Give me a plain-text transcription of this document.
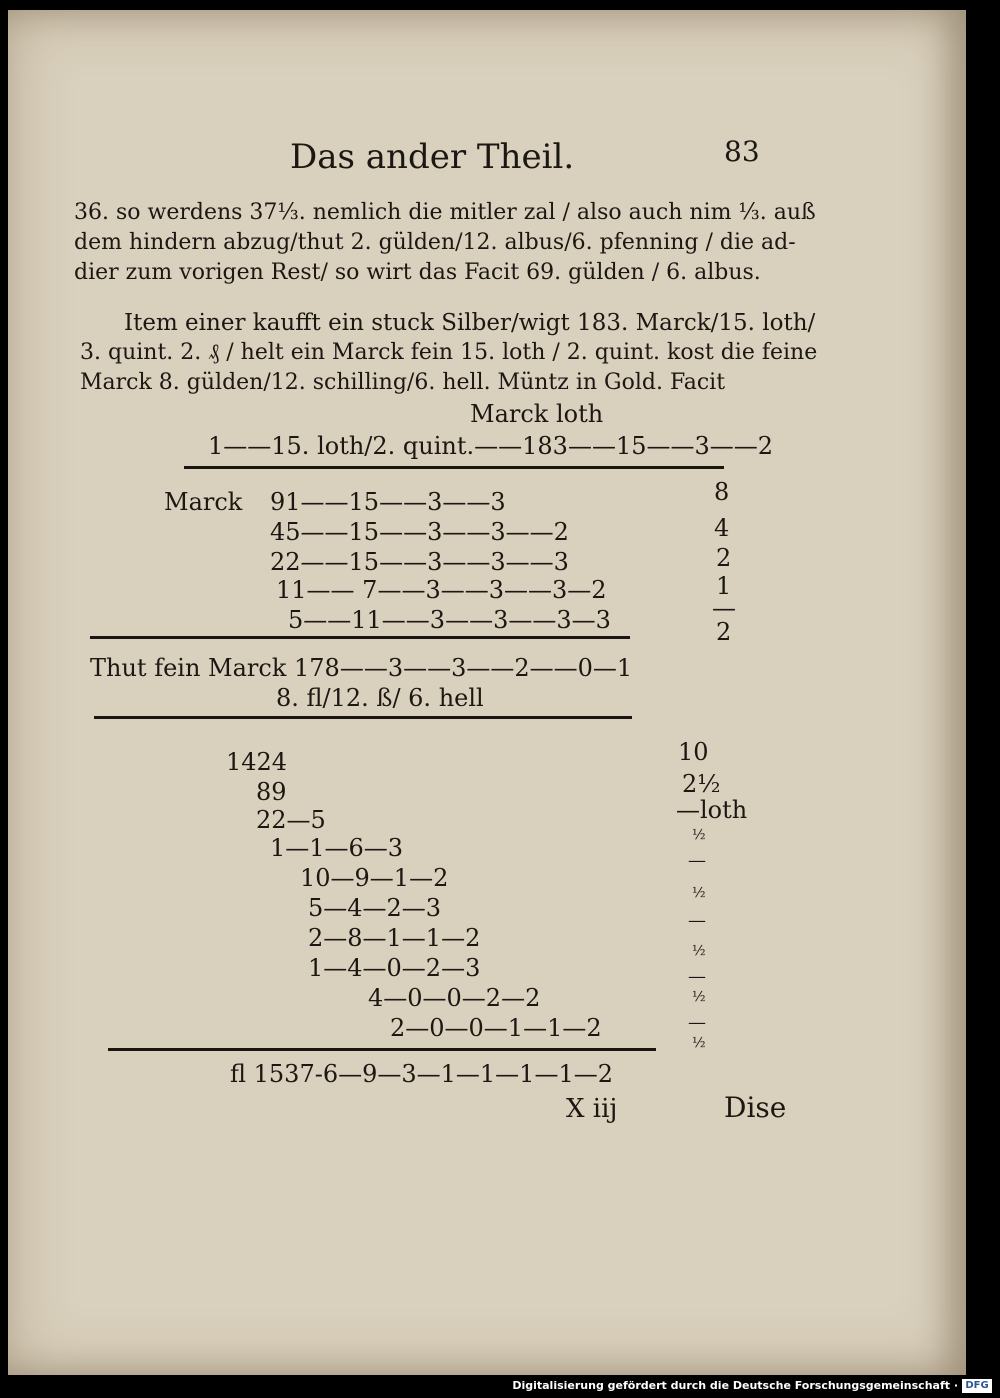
Das ander Theil.	83
36. so werdens 37⅓. nemlich die mitler zal / also auch nim ⅓. auß
dem hindern abzug/thut 2. gülden/12. albus/6. pfenning / die ad-
dier zum vorigen Rest/ so wirt das Facit 69. gülden / 6. albus.
Item einer kaufft ein stuck Silber/wigt 183. Marck/15. loth/
3. quint. 2. ₰ / helt ein Marck fein 15. loth / 2. quint. kost die feine
Marck 8. gülden/12. schilling/6. hell. Müntz in Gold. Facit
Marck loth
1——15. loth/2. quint.——183——15——3——2
Marck 91——15——3——3
45——15——3——3——2
22——15——3——3——3
11—— 7——3——3——3—2
5——11——3——3——3—3
8
4
2
1
—
2
Thut fein Marck 178——3——3——2——0—1
8. fl/12. ß/ 6. hell
1424
89
22—5
1—1—6—3
10—9—1—2
5—4—2—3
2—8—1—1—2
1—4—0—2—3
4—0—0—2—2
2—0—0—1—1—2
10
2½
—loth
½
—
½
—
½
—
½
—
½
fl 1537-6—9—3—1—1—1—1—2
X iij	Dise
Digitalisierung gefördert durch die Deutsche Forschungsgemeinschaft · DFG
